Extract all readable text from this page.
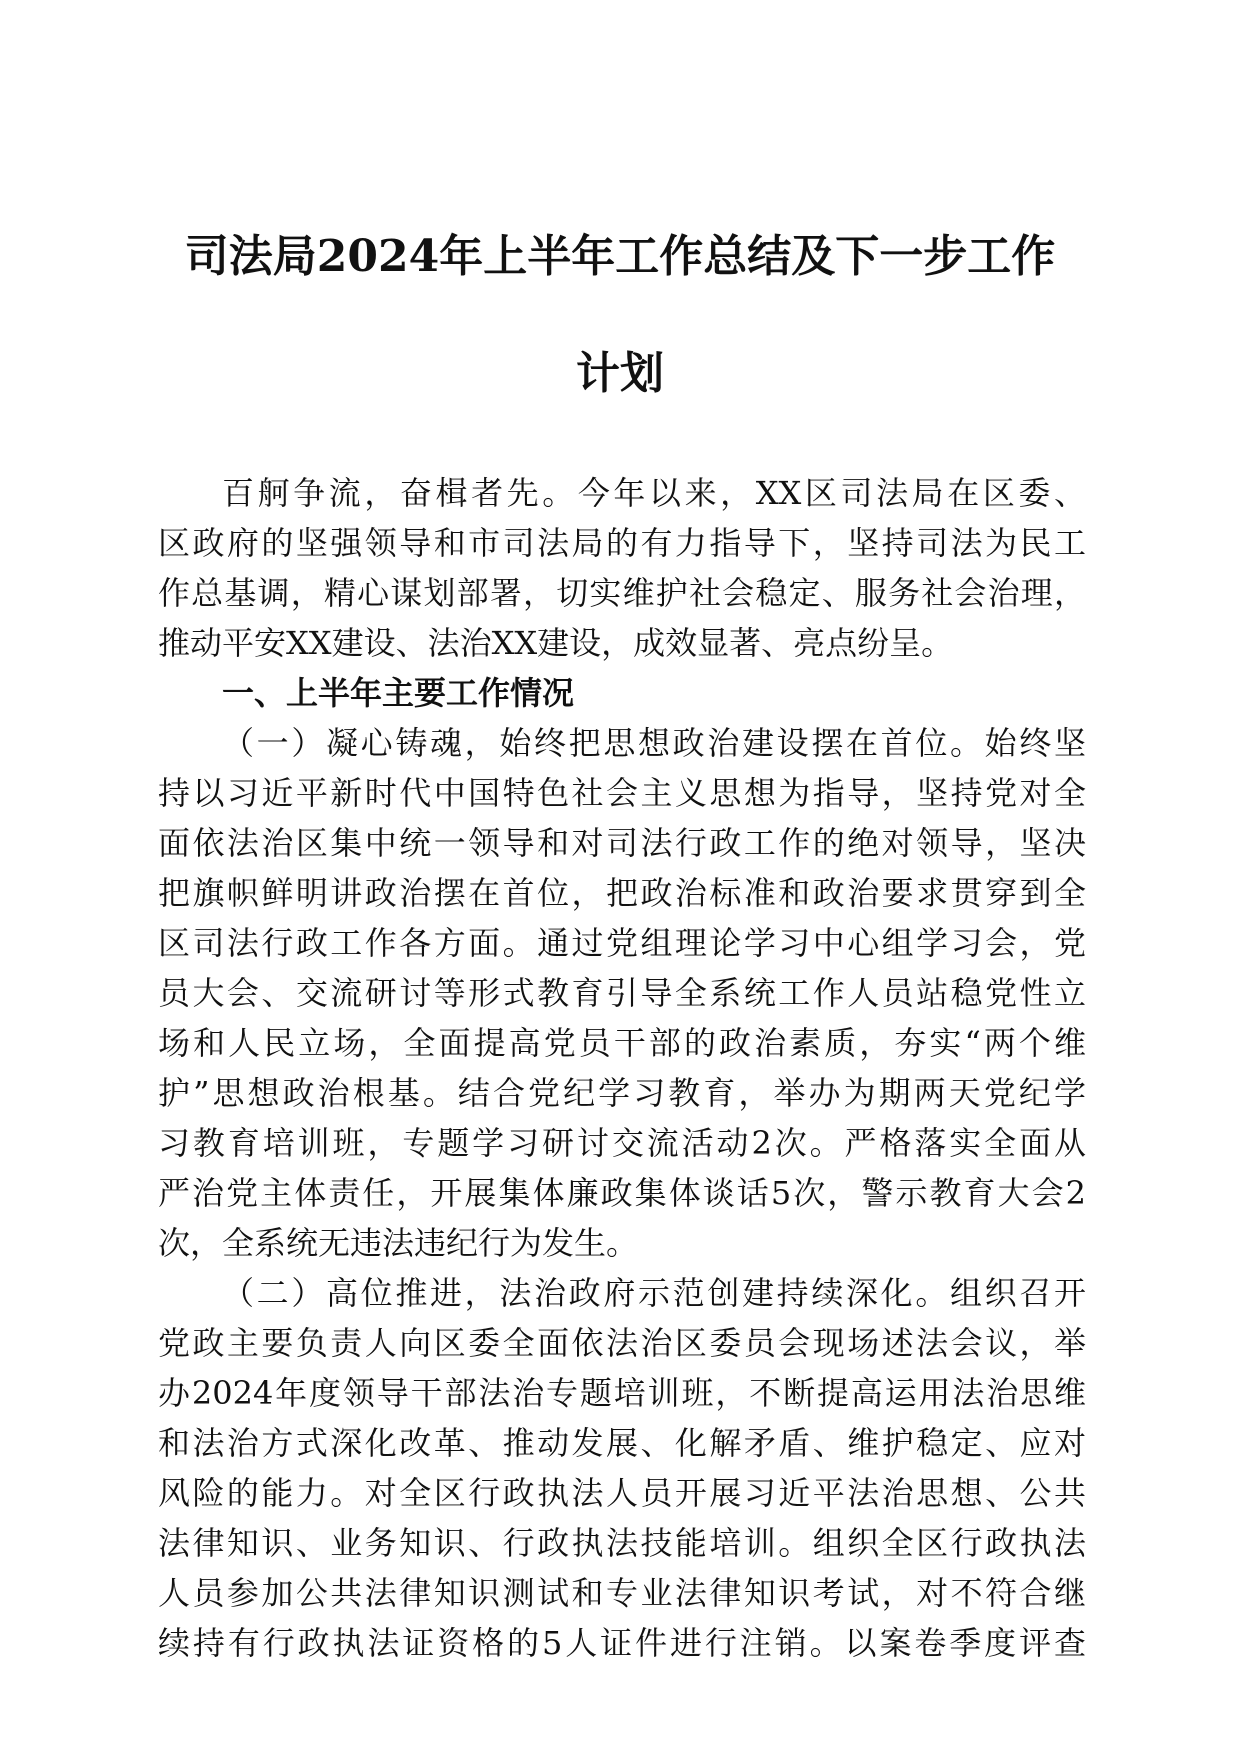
司法局2024年上半年工作总结及下一步工作
计划
百舸争流，奋楫者先。今年以来，XX区司法局在区委、
区政府的坚强领导和市司法局的有力指导下，坚持司法为民工
作总基调，精心谋划部署，切实维护社会稳定、服务社会治理，
推动平安XX建设、法治XX建设，成效显著、亮点纷呈。
一、上半年主要工作情况
（一）凝心铸魂，始终把思想政治建设摆在首位。始终坚
持以习近平新时代中国特色社会主义思想为指导，坚持党对全
面依法治区集中统一领导和对司法行政工作的绝对领导，坚决
把旗帜鲜明讲政治摆在首位，把政治标准和政治要求贯穿到全
区司法行政工作各方面。通过党组理论学习中心组学习会，党
员大会、交流研讨等形式教育引导全系统工作人员站稳党性立
场和人民立场，全面提高党员干部的政治素质，夯实“两个维
护”思想政治根基。结合党纪学习教育，举办为期两天党纪学
习教育培训班，专题学习研讨交流活动2次。严格落实全面从
严治党主体责任，开展集体廉政集体谈话5次，警示教育大会2
次，全系统无违法违纪行为发生。
（二）高位推进，法治政府示范创建持续深化。组织召开
党政主要负责人向区委全面依法治区委员会现场述法会议，举
办2024年度领导干部法治专题培训班，不断提高运用法治思维
和法治方式深化改革、推动发展、化解矛盾、维护稳定、应对
风险的能力。对全区行政执法人员开展习近平法治思想、公共
法律知识、业务知识、行政执法技能培训。组织全区行政执法
人员参加公共法律知识测试和专业法律知识考试，对不符合继
续持有行政执法证资格的5人证件进行注销。以案卷季度评查
